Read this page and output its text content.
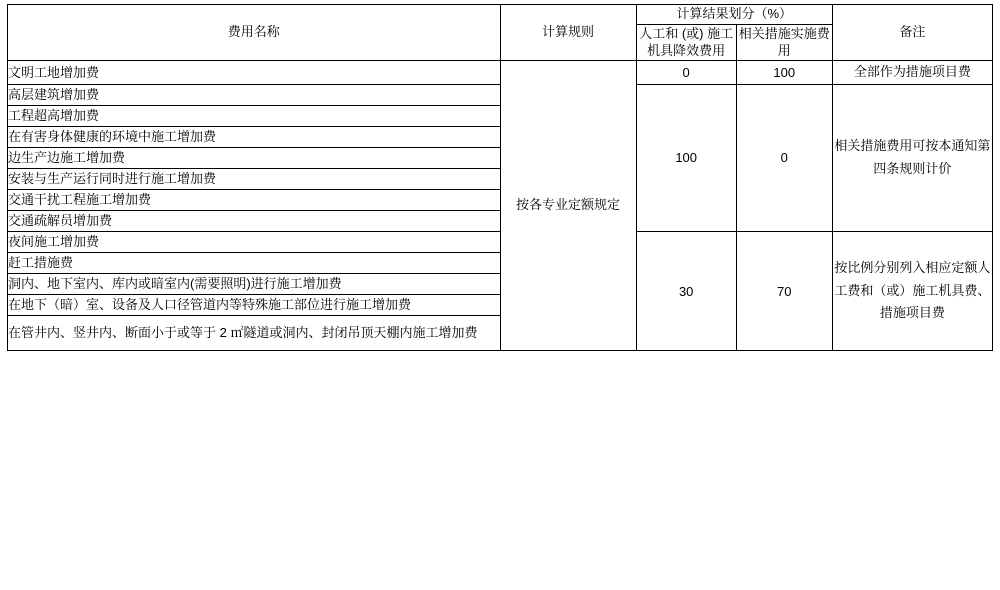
费用名称	计算规则	计算结果划分（%）		备注
		人工和 (或) 施工机具降效费用	相关措施实施费用	
文明工地增加费	按各专业定额规定	0	100	全部作为措施项目费
高层建筑增加费		100	0	相关措施费用可按本通知第四条规则计价
工程超高增加费				
在有害身体健康的环境中施工增加费				
边生产边施工增加费				
安装与生产运行同时进行施工增加费				
交通干扰工程施工增加费				
交通疏解员增加费				
夜间施工增加费		30	70	按比例分别列入相应定额人工费和（或）施工机具费、措施项目费
赶工措施费				
洞内、地下室内、库内或暗室内(需要照明)进行施工增加费				
在地下（暗）室、设备及人口径管道内等特殊施工部位进行施工增加费				
在管井内、竖井内、断面小于或等于 2 ㎡隧道或洞内、封闭吊顶天棚内施工增加费				
